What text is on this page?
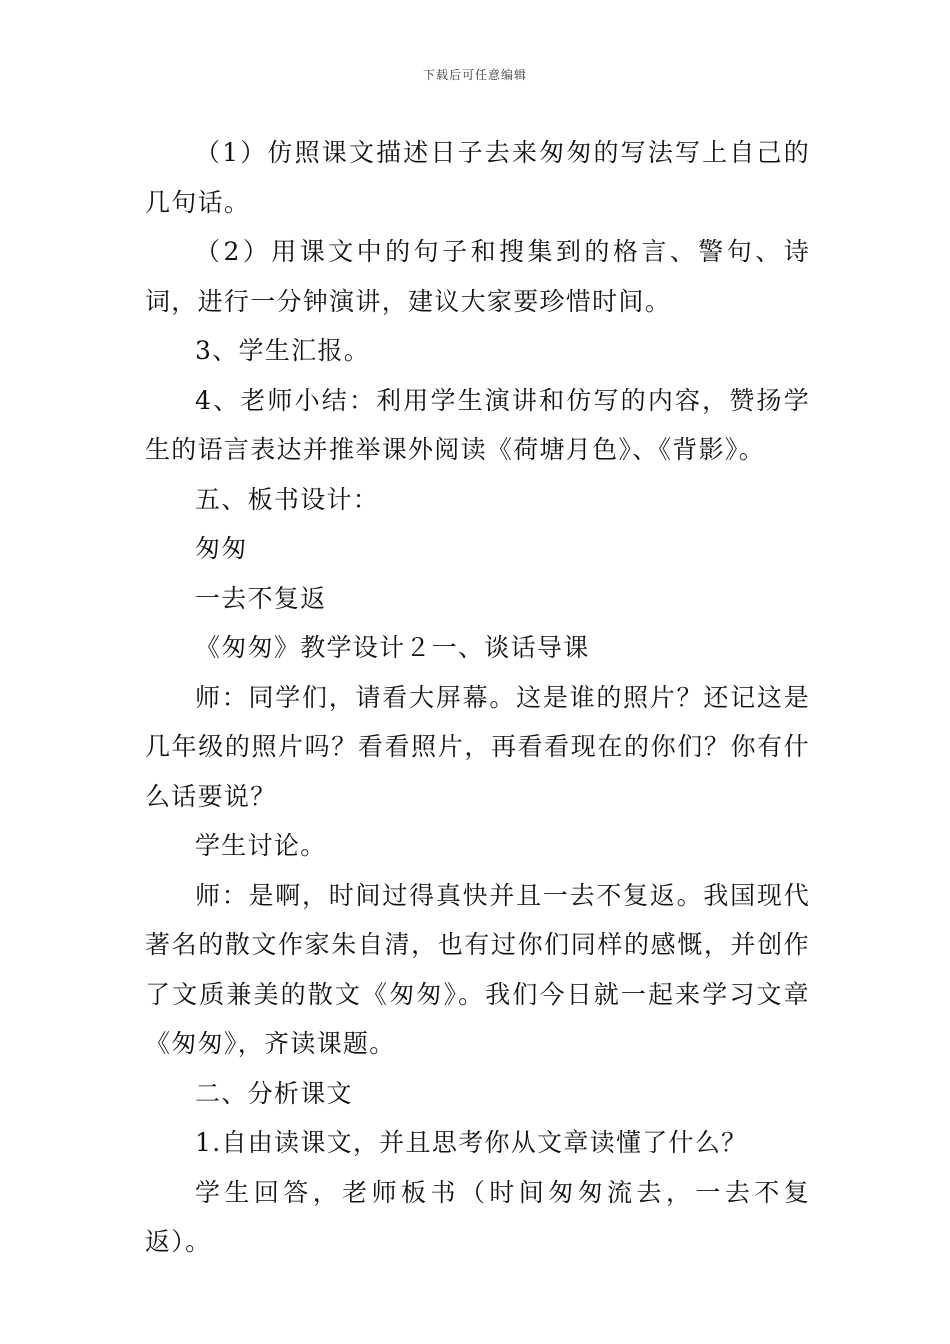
下载后可任意编辑

（1）仿照课文描述日子去来匆匆的写法写上自己的几句话。

（2）用课文中的句子和搜集到的格言、警句、诗词，进行一分钟演讲，建议大家要珍惜时间。

3、学生汇报。

4、老师小结：利用学生演讲和仿写的内容，赞扬学生的语言表达并推举课外阅读《荷塘月色》、《背影》。

五、板书设计：

匆匆

一去不复返

《匆匆》教学设计２一、谈话导课

师：同学们，请看大屏幕。这是谁的照片？还记这是几年级的照片吗？看看照片，再看看现在的你们？你有什么话要说？

学生讨论。

师：是啊，时间过得真快并且一去不复返。我国现代著名的散文作家朱自清，也有过你们同样的感慨，并创作了文质兼美的散文《匆匆》。我们今日就一起来学习文章《匆匆》，齐读课题。

二、分析课文

1.自由读课文，并且思考你从文章读懂了什么？

学生回答，老师板书（时间匆匆流去，一去不复返）。
